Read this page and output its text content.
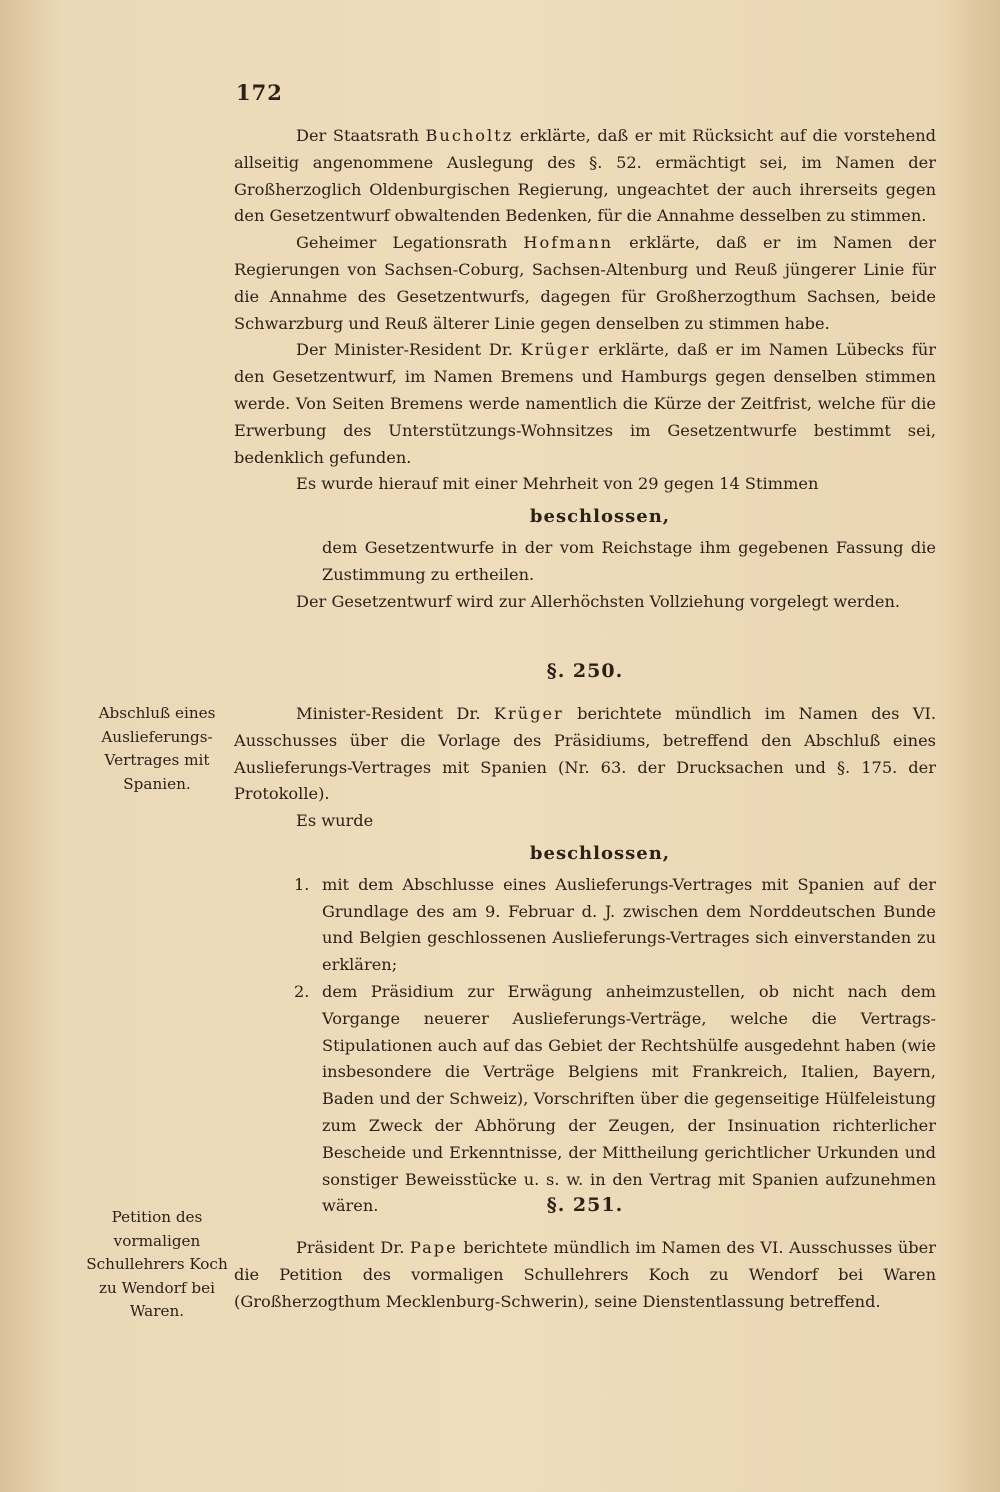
172

Der Staatsrath Bucholtz erklärte, daß er mit Rücksicht auf die vorstehend allseitig angenommene Auslegung des §. 52. ermächtigt sei, im Namen der Großherzoglich Oldenburgischen Regierung, ungeachtet der auch ihrerseits gegen den Gesetzentwurf obwaltenden Bedenken, für die Annahme desselben zu stimmen.

Geheimer Legationsrath Hofmann erklärte, daß er im Namen der Regierungen von Sachsen-Coburg, Sachsen-Altenburg und Reuß jüngerer Linie für die Annahme des Gesetzentwurfs, dagegen für Großherzogthum Sachsen, beide Schwarzburg und Reuß älterer Linie gegen denselben zu stimmen habe.

Der Minister-Resident Dr. Krüger erklärte, daß er im Namen Lübecks für den Gesetzentwurf, im Namen Bremens und Hamburgs gegen denselben stimmen werde. Von Seiten Bremens werde namentlich die Kürze der Zeitfrist, welche für die Erwerbung des Unterstützungs-Wohnsitzes im Gesetzentwurfe bestimmt sei, bedenklich gefunden.

Es wurde hierauf mit einer Mehrheit von 29 gegen 14 Stimmen

beschlossen,

dem Gesetzentwurfe in der vom Reichstage ihm gegebenen Fassung die Zustimmung zu ertheilen.

Der Gesetzentwurf wird zur Allerhöchsten Vollziehung vorgelegt werden.

§. 250.
Abschluß eines Auslieferungs-Vertrages mit Spanien.

Minister-Resident Dr. Krüger berichtete mündlich im Namen des VI. Ausschusses über die Vorlage des Präsidiums, betreffend den Abschluß eines Auslieferungs-Vertrages mit Spanien (Nr. 63. der Drucksachen und §. 175. der Protokolle).

Es wurde

beschlossen,
1. mit dem Abschlusse eines Auslieferungs-Vertrages mit Spanien auf der Grundlage des am 9. Februar d. J. zwischen dem Norddeutschen Bunde und Belgien geschlossenen Auslieferungs-Vertrages sich einverstanden zu erklären;
2. dem Präsidium zur Erwägung anheimzustellen, ob nicht nach dem Vorgange neuerer Auslieferungs-Verträge, welche die Vertrags-Stipulationen auch auf das Gebiet der Rechtshülfe ausgedehnt haben (wie insbesondere die Verträge Belgiens mit Frankreich, Italien, Bayern, Baden und der Schweiz), Vorschriften über die gegenseitige Hülfeleistung zum Zweck der Abhörung der Zeugen, der Insinuation richterlicher Bescheide und Erkenntnisse, der Mittheilung gerichtlicher Urkunden und sonstiger Beweisstücke u. s. w. in den Vertrag mit Spanien aufzunehmen wären.	§. 251.
Petition des vormaligen Schullehrers Koch zu Wendorf bei Waren.

Präsident Dr. Pape berichtete mündlich im Namen des VI. Ausschusses über die Petition des vormaligen Schullehrers Koch zu Wendorf bei Waren (Großherzogthum Mecklenburg-Schwerin), seine Dienstentlassung betreffend.
